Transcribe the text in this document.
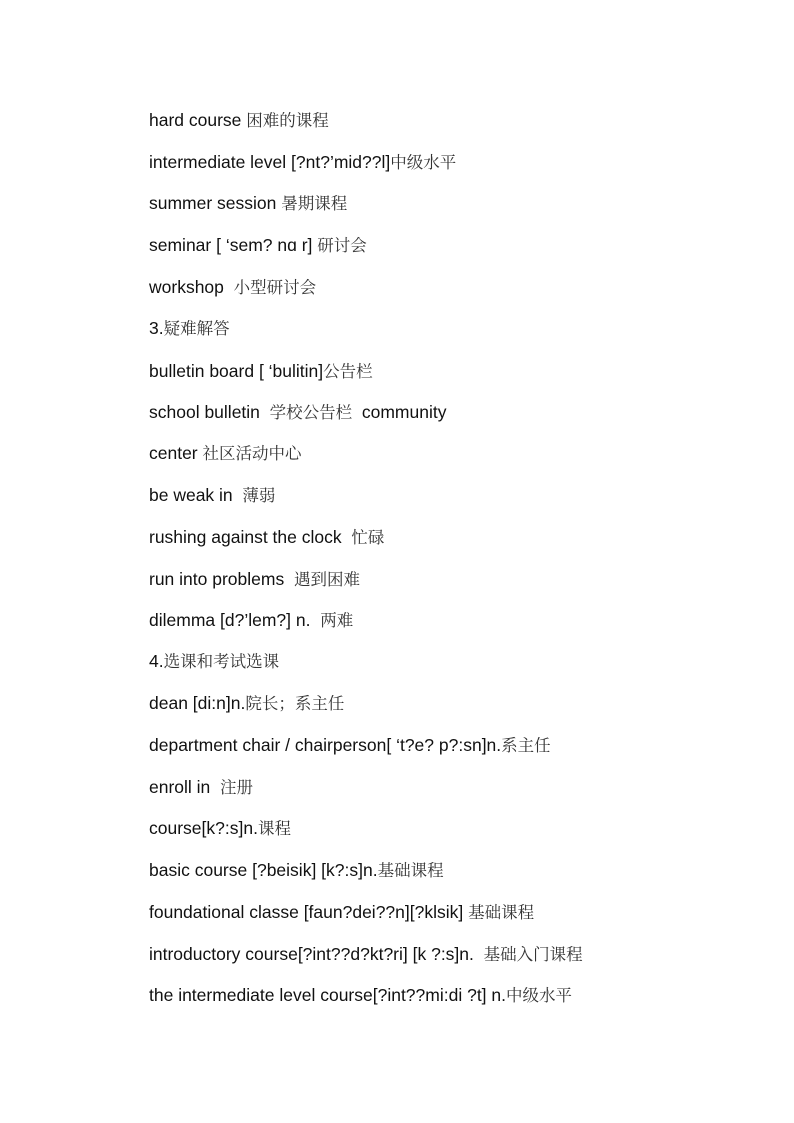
hard course 困难的课程
intermediate level [?nt?’mid??l]中级水平
summer session 暑期课程
seminar [ ‘sem? nɑ r] 研讨会
workshop 小型研讨会
3.疑难解答
bulletin board [ ‘bulitin]公告栏
school bulletin 学校公告栏 community
center 社区活动中心
be weak in 薄弱
rushing against the clock 忙碌
run into problems 遇到困难
dilemma [d?’lem?] n. 两难
4.选课和考试选课
dean [di:n]n.院长；系主任
department chair / chairperson[ ‘t?e? p?:sn]n.系主任
enroll in 注册
course[k?:s]n.课程
basic course [?beisik] [k?:s]n.基础课程
foundational classe [faun?dei??n][?klsik] 基础课程
introductory course[?int??d?kt?ri] [k ?:s]n. 基础入门课程
the intermediate level course[?int??mi:di ?t] n.中级水平
